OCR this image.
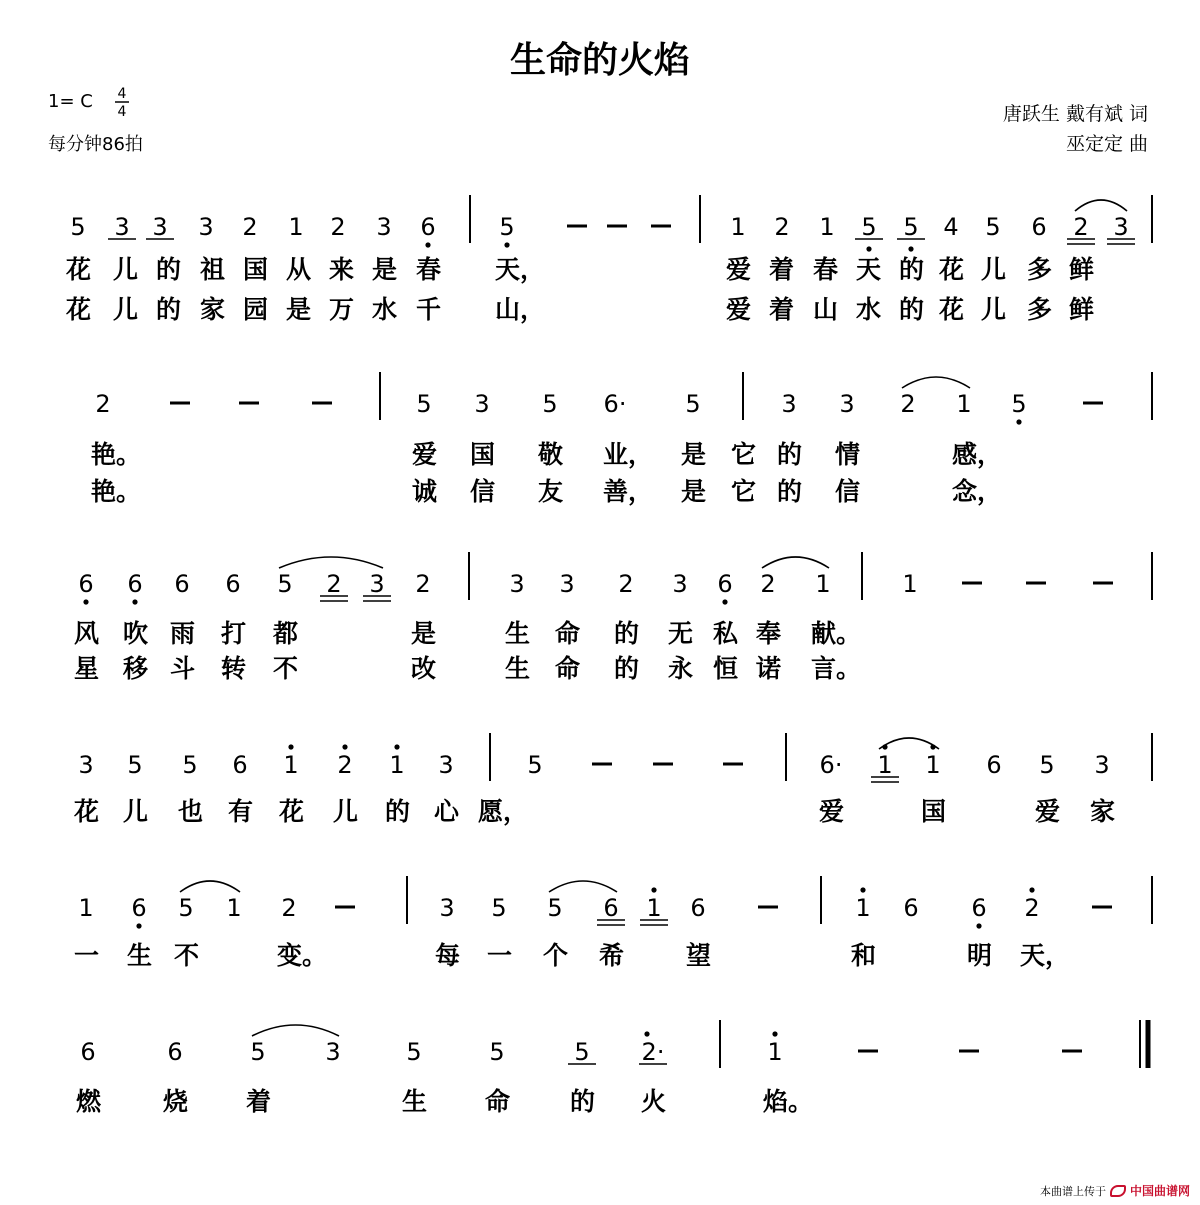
生命的火焰
1= C 4
4
每分钟86拍
唐跃生 戴有斌 词
巫定定 曲
5 3 3 3 2 1 2 3 6	5	1 2 1 5 5 4 5 6 2 3
花 儿 的 祖 国 从 来 是 春 天，	爱 着 春 天 的 花 儿 多 鲜
花 儿 的 家 园 是 万 水 千 山，	爱 着 山 水 的 花 儿 多 鲜
2	5 3 5 6· 5	3 3 2 1 5
艳。	爱 国 敬 业， 是 它 的 情	感，
艳。	诚 信 友 善， 是 它 的 信	念，
6 6 6 6 5 2 3 2	3 3 2 3 6 2 1	1
风 吹 雨 打 都	是	生 命 的 无 私 奉 献。
星 移 斗 转 不	改	生 命 的 永 恒 诺 言。
3 5 5 6 1 2 1 3	5	6· 1 1 6 5 3
花 儿 也 有 花 儿 的 心 愿，	爱	国	爱 家
1 6 5 1 2	3 5 5 6 1 6	1 6 6 2
一 生 不	变。	每 一 个 希 望	和	明 天，
6	6	5 3	5	5	5 2·	1
燃 烧 着	生 命 的 火	焰。
本曲谱上传于 中国曲谱网
